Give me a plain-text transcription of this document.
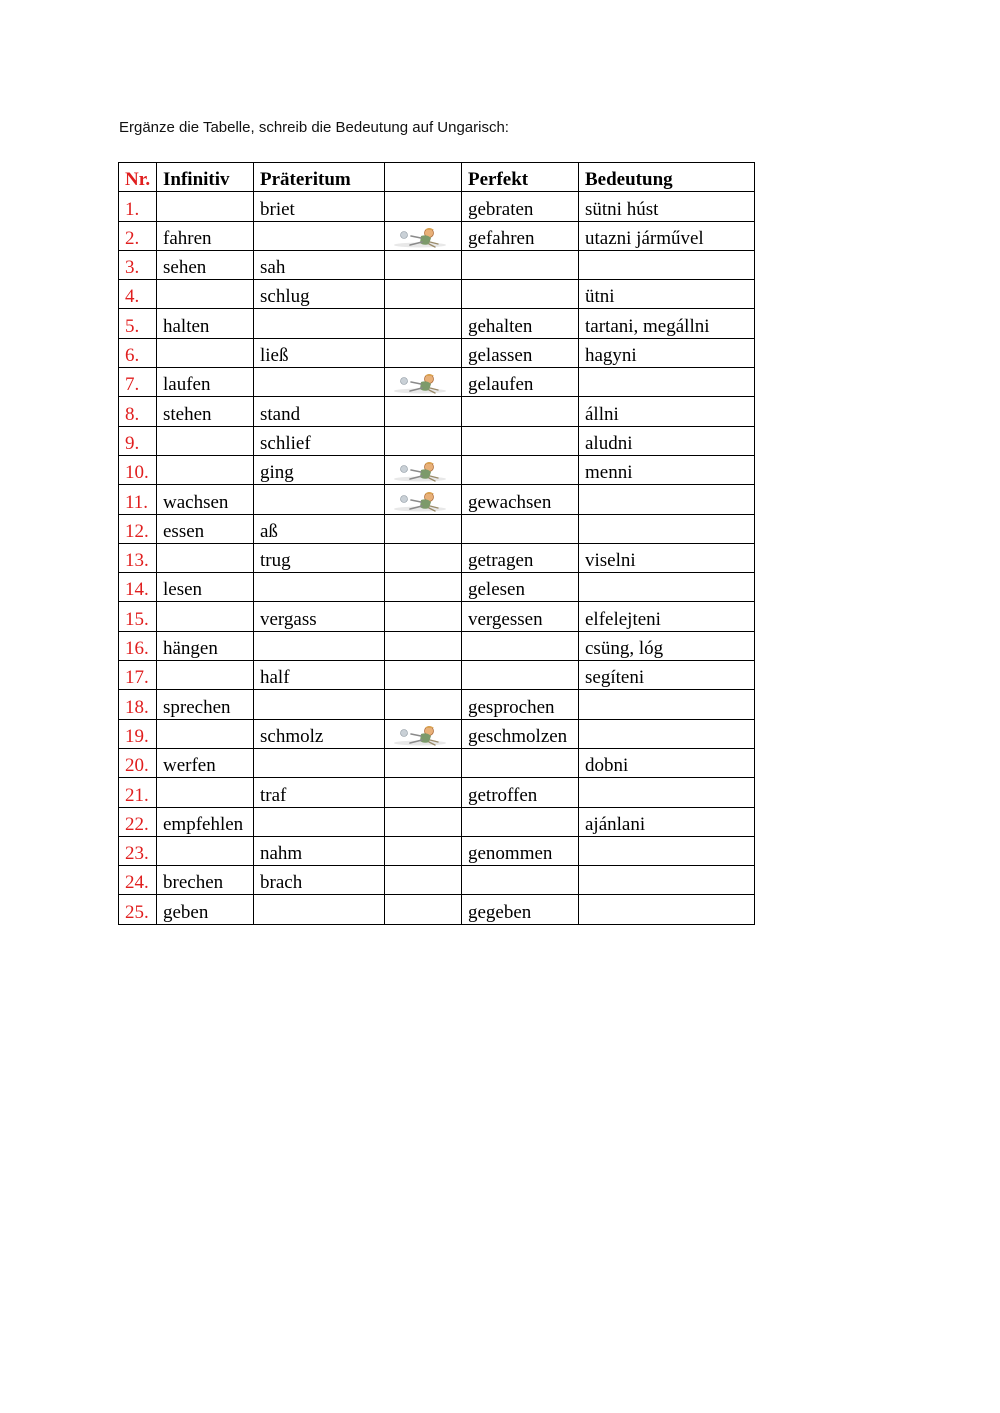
Ergänze die Tabelle, schreib die Bedeutung auf Ungarisch:
Nr.	Infinitiv	Präteritum		Perfekt	Bedeutung
1.		briet		gebraten	sütni húst
2.	fahren			gefahren	utazni járművel
3.	sehen	sah			
4.		schlug			ütni
5.	halten			gehalten	tartani, megállni
6.		ließ		gelassen	hagyni
7.	laufen			gelaufen	
8.	stehen	stand			állni
9.		schlief			aludni
10.		ging			menni
11.	wachsen			gewachsen	
12.	essen	aß			
13.		trug		getragen	viselni
14.	lesen			gelesen	
15.		vergass		vergessen	elfelejteni
16.	hängen				csüng, lóg
17.		half			segíteni
18.	sprechen			gesprochen	
19.		schmolz		geschmolzen	
20.	werfen				dobni
21.		traf		getroffen	
22.	empfehlen				ajánlani
23.		nahm		genommen	
24.	brechen	brach			
25.	geben			gegeben	
